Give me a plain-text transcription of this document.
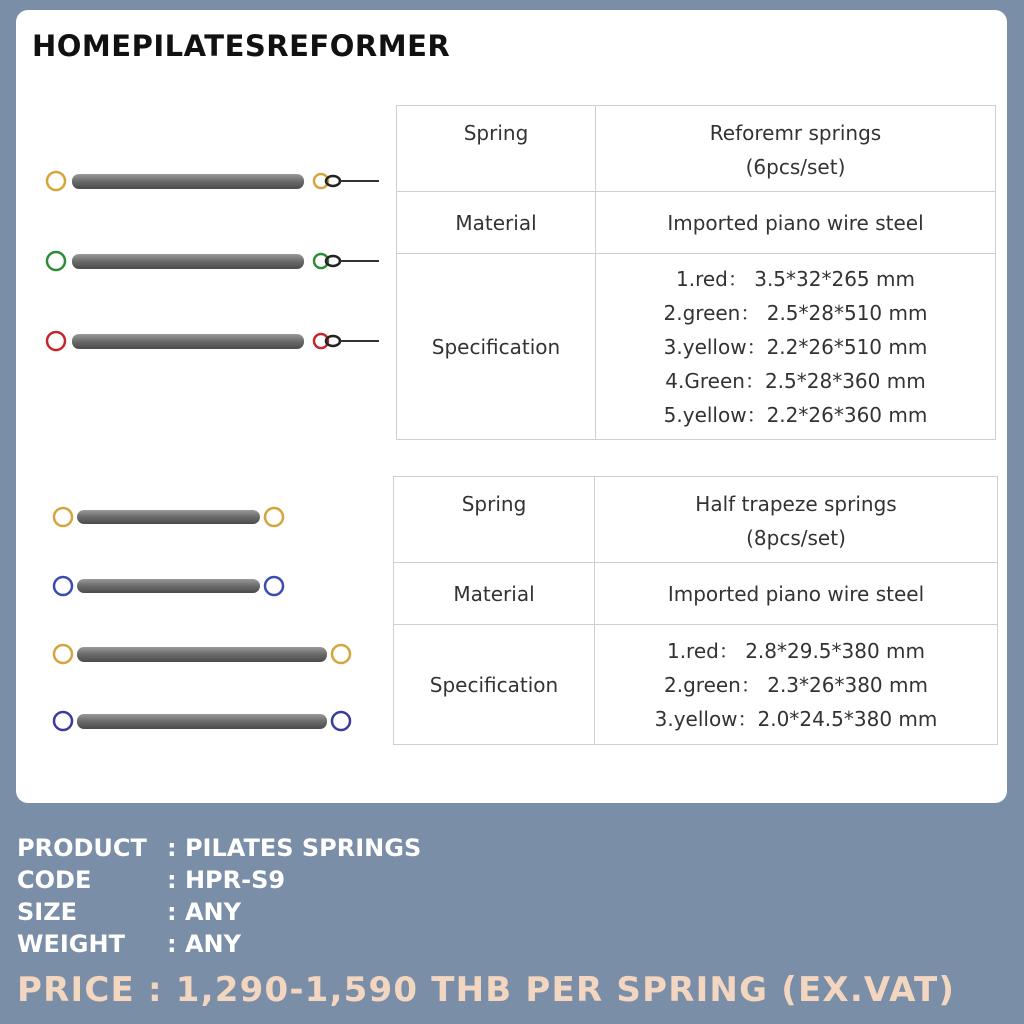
HOMEPILATESREFORMER
Spring	Reforemr springs
(6pcs/set)

Material	Imported piano wire steel
Specification	1.red： 3.5*32*265 mm
2.green： 2.5*28*510 mm
3.yellow：2.2*26*510 mm
4.Green：2.5*28*360 mm
5.yellow：2.2*26*360 mm
Spring	Half trapeze springs
(8pcs/set)

Material	Imported piano wire steel
Specification	1.red： 2.8*29.5*380 mm
2.green： 2.3*26*380 mm
3.yellow：2.0*24.5*380 mm
PRODUCT : PILATES SPRINGS
CODE	: HPR-S9
SIZE	: ANY
WEIGHT	: ANY
PRICE : 1,290-1,590 THB PER SPRING (EX.VAT)
